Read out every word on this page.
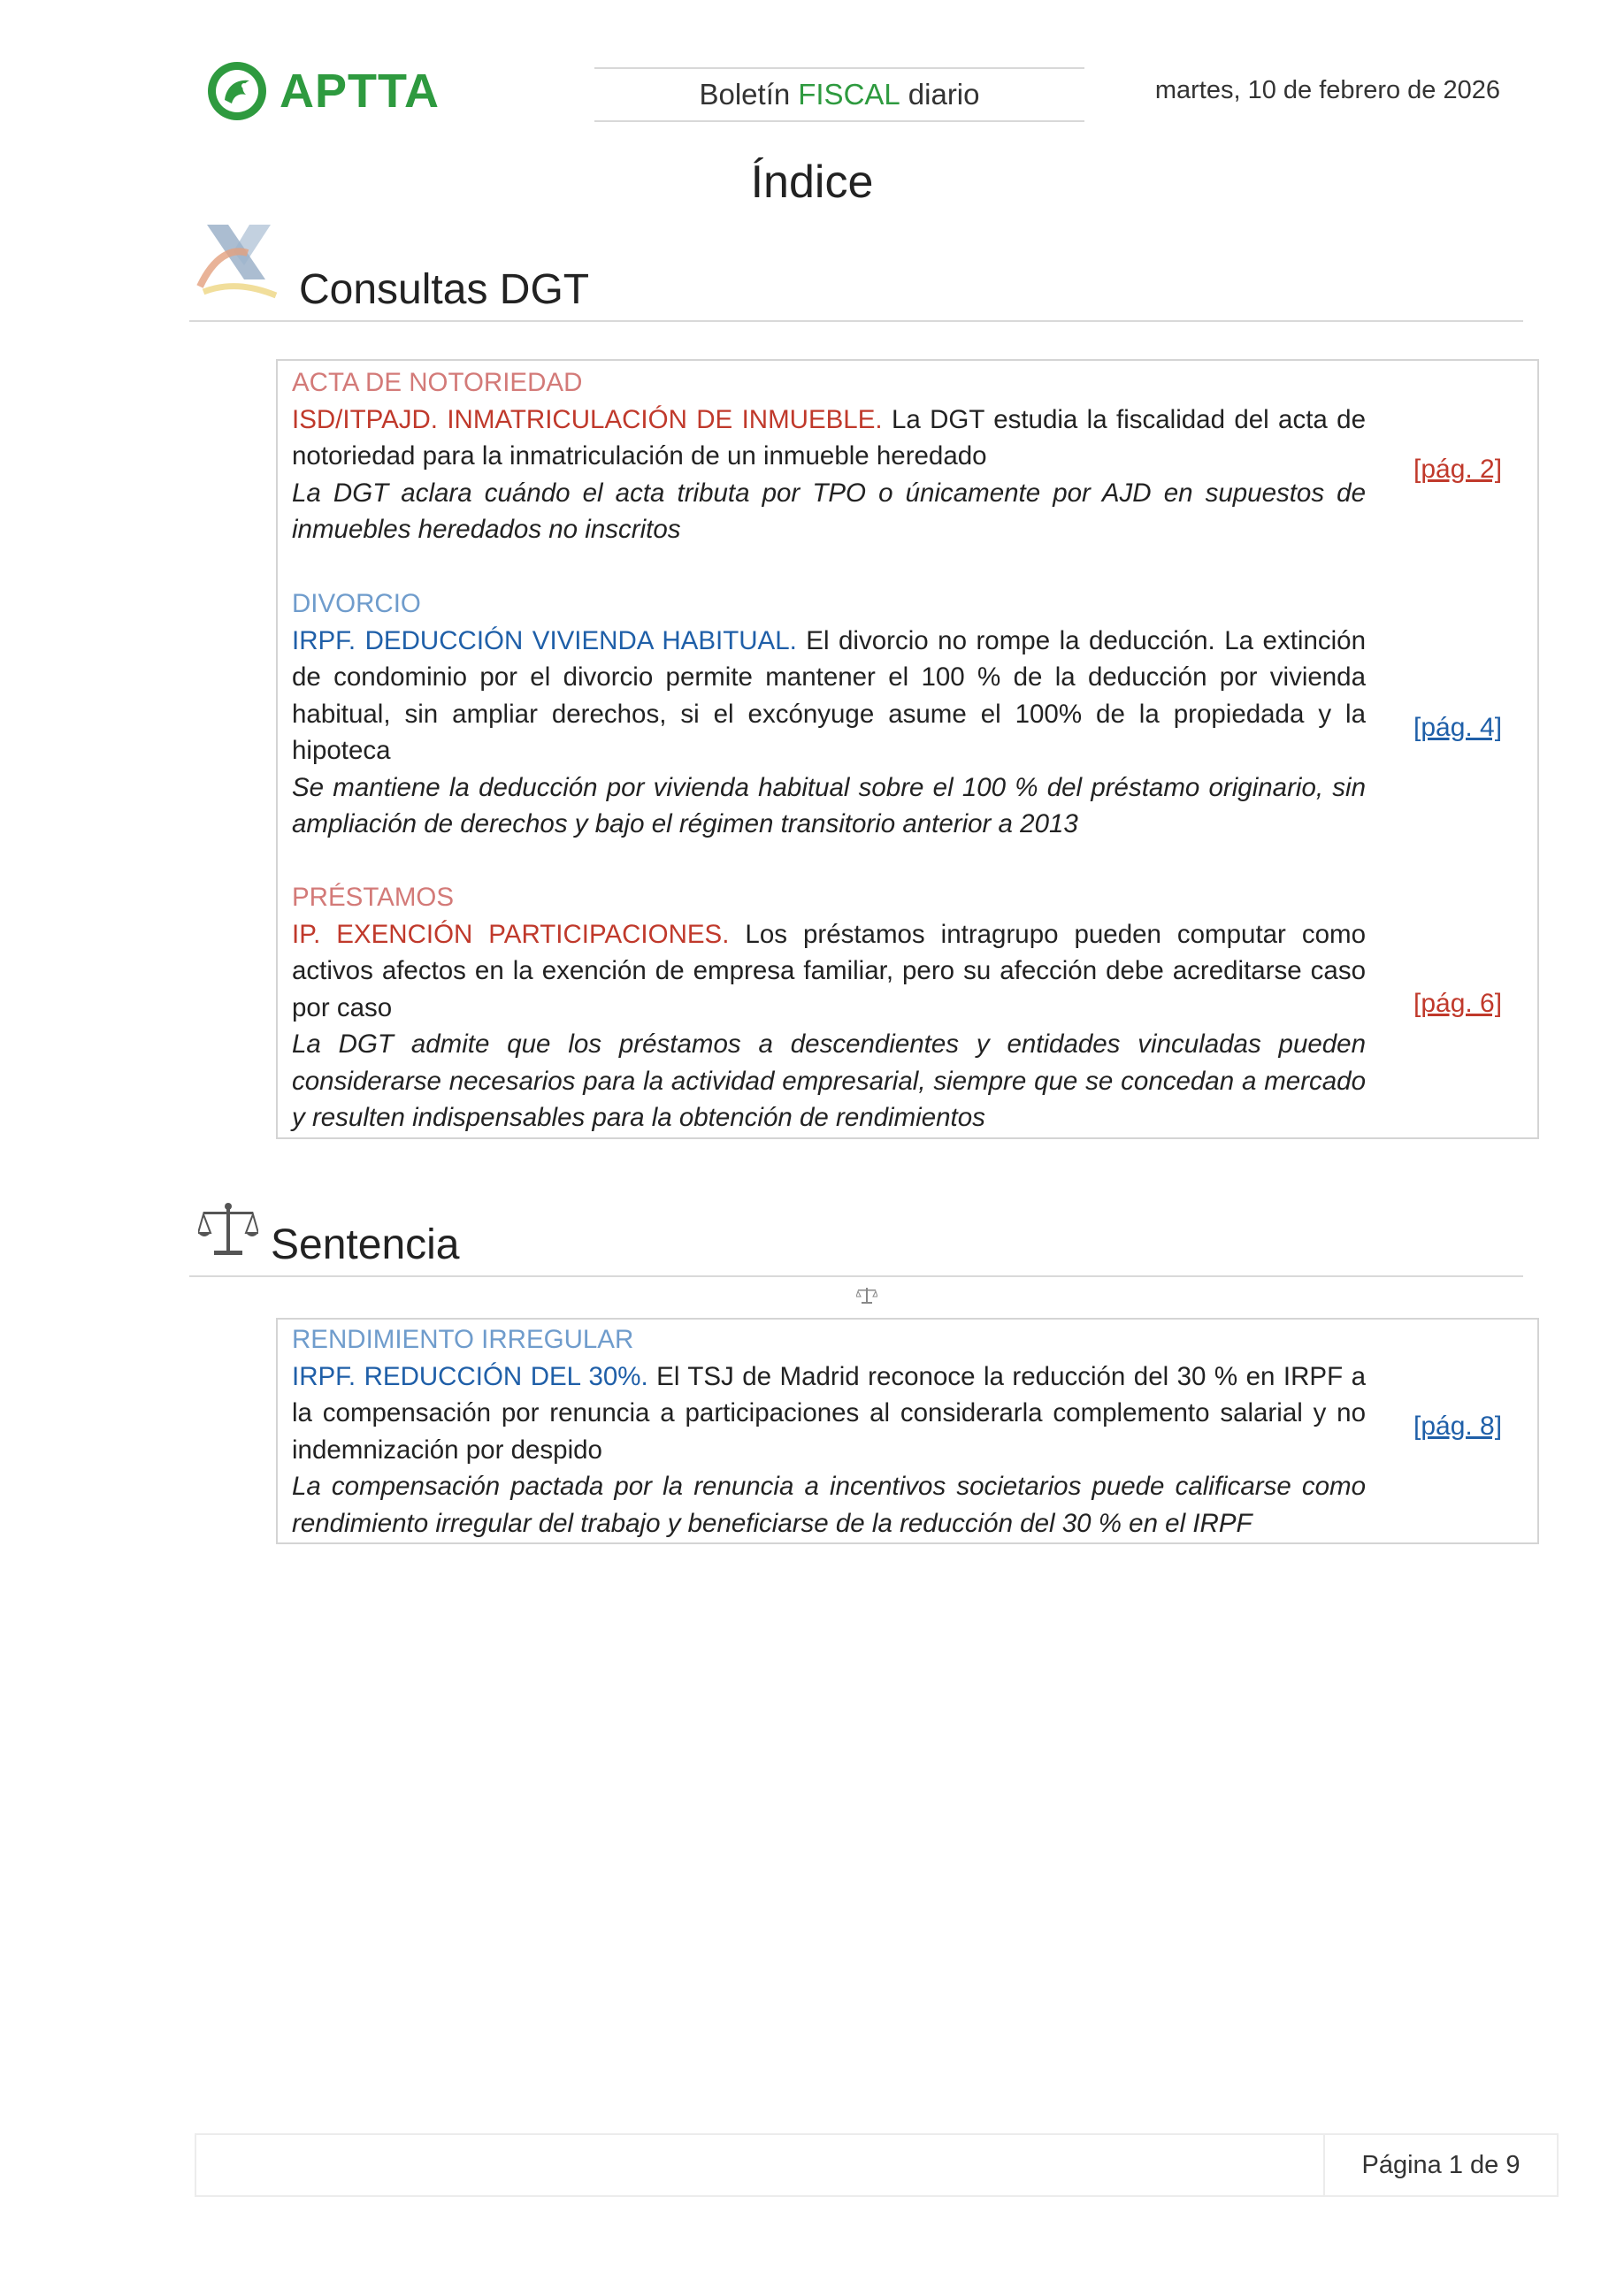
APTTA	Boletín FISCAL diario	martes, 10 de febrero de 2026
Índice
Consultas DGT
ACTA DE NOTORIEDAD
ISD/ITPAJD. INMATRICULACIÓN DE INMUEBLE. La DGT estudia la fiscalidad del acta de notoriedad para la inmatriculación de un inmueble heredado
La DGT aclara cuándo el acta tributa por TPO o únicamente por AJD en supuestos de inmuebles heredados no inscritos
[pág. 2]
DIVORCIO
IRPF. DEDUCCIÓN VIVIENDA HABITUAL. El divorcio no rompe la deducción. La extinción de condominio por el divorcio permite mantener el 100 % de la deducción por vivienda habitual, sin ampliar derechos, si el excónyuge asume el 100% de la propiedada y la hipoteca
Se mantiene la deducción por vivienda habitual sobre el 100 % del préstamo originario, sin ampliación de derechos y bajo el régimen transitorio anterior a 2013
[pág. 4]
PRÉSTAMOS
IP. EXENCIÓN PARTICIPACIONES. Los préstamos intragrupo pueden computar como activos afectos en la exención de empresa familiar, pero su afección debe acreditarse caso por caso
La DGT admite que los préstamos a descendientes y entidades vinculadas pueden considerarse necesarios para la actividad empresarial, siempre que se concedan a mercado y resulten indispensables para la obtención de rendimientos
[pág. 6]
Sentencia
RENDIMIENTO IRREGULAR
IRPF. REDUCCIÓN DEL 30%. El TSJ de Madrid reconoce la reducción del 30 % en IRPF a la compensación por renuncia a participaciones al considerarla complemento salarial y no indemnización por despido
La compensación pactada por la renuncia a incentivos societarios puede calificarse como rendimiento irregular del trabajo y beneficiarse de la reducción del 30 % en el IRPF
[pág. 8]
Página 1 de 9
